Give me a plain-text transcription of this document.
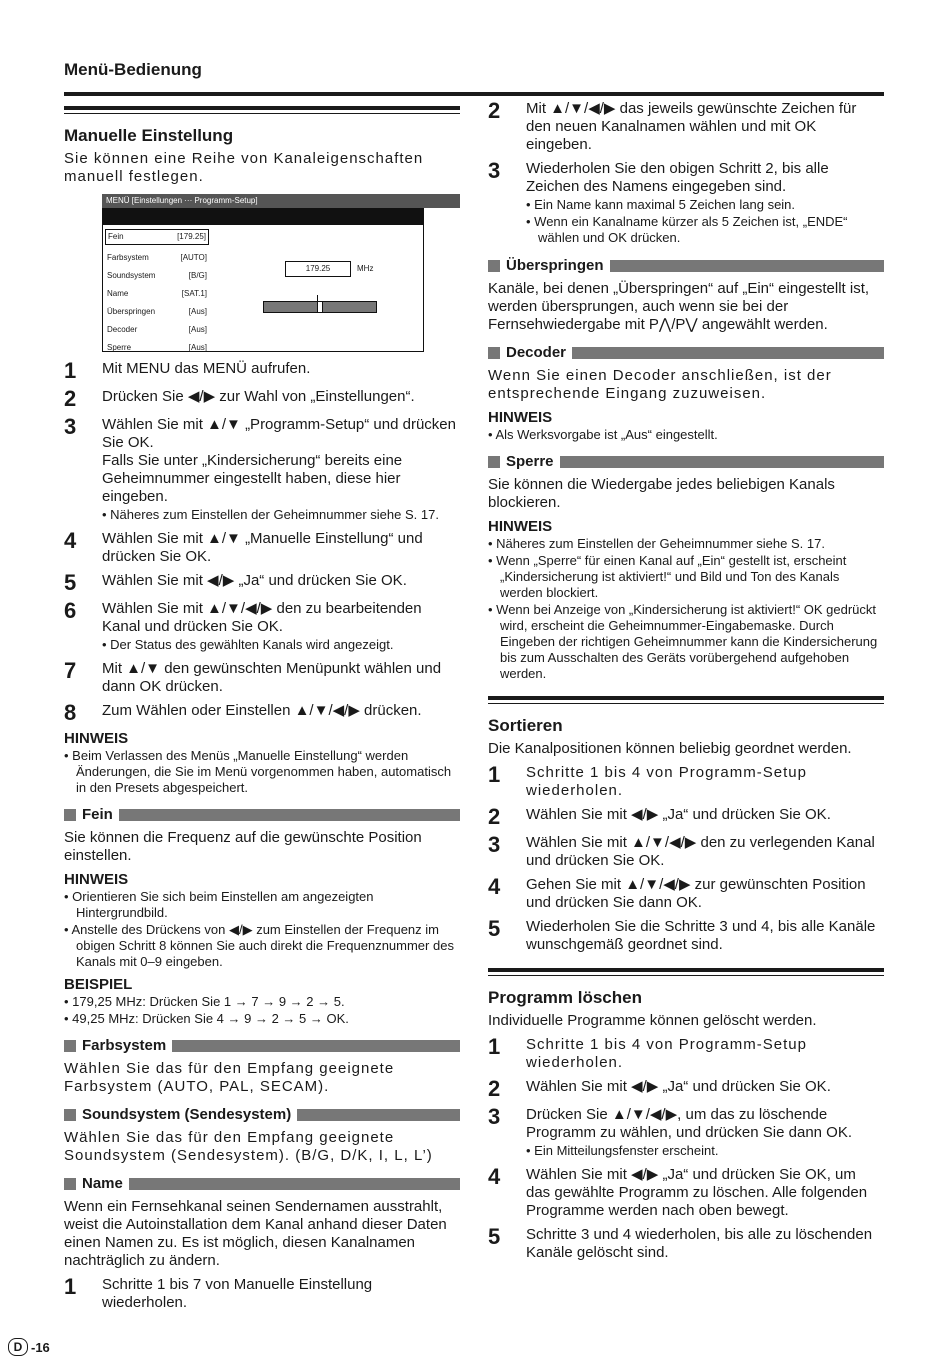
Menü-Bedienung
Manuelle Einstellung

Sie können eine Reihe von Kanaleigenschaften manuell festlegen.

MENÜ [Einstellungen ··· Programm-Setup]
Fein	[179.25]
Farbsystem	[AUTO]
Soundsystem	[B/G]
Name	[SAT.1]
Überspringen	[Aus]
Decoder	[Aus]
Sperre	[Aus]
179.25	MHz
1	Mit MENU das MENÜ aufrufen.
2	Drücken Sie ◀/▶ zur Wahl von „Einstellungen“.
3	Wählen Sie mit ▲/▼ „Programm-Setup“ und drücken Sie OK.
Falls Sie unter „Kindersicherung“ bereits eine Geheimnummer eingestellt haben, diese hier eingeben.
• Näheres zum Einstellen der Geheimnummer siehe S. 17.
4	Wählen Sie mit ▲/▼ „Manuelle Einstellung“ und drücken Sie OK.
5	Wählen Sie mit ◀/▶ „Ja“ und drücken Sie OK.
6	Wählen Sie mit ▲/▼/◀/▶ den zu bearbeitenden Kanal und drücken Sie OK.
• Der Status des gewählten Kanals wird angezeigt.
7	Mit ▲/▼ den gewünschten Menüpunkt wählen und dann OK drücken.
8	Zum Wählen oder Einstellen ▲/▼/◀/▶ drücken.
HINWEIS
• Beim Verlassen des Menüs „Manuelle Einstellung“ werden Änderungen, die Sie im Menü vorgenommen haben, automatisch in den Presets abgespeichert.
Fein

Sie können die Frequenz auf die gewünschte Position einstellen.

HINWEIS
• Orientieren Sie sich beim Einstellen am angezeigten Hintergrundbild.
• Anstelle des Drückens von ◀/▶ zum Einstellen der Frequenz im obigen Schritt 8 können Sie auch direkt die Frequenznummer des Kanals mit 0–9 eingeben.
BEISPIEL
• 179,25 MHz: Drücken Sie 1 → 7 → 9 → 2 → 5.
• 49,25 MHz: Drücken Sie 4 → 9 → 2 → 5 → OK.
Farbsystem

Wählen Sie das für den Empfang geeignete Farbsystem (AUTO, PAL, SECAM).

Soundsystem (Sendesystem)

Wählen Sie das für den Empfang geeignete Soundsystem (Sendesystem). (B/G, D/K, I, L, L’)

Name

Wenn ein Fernsehkanal seinen Sendernamen ausstrahlt, weist die Autoinstallation dem Kanal anhand dieser Daten einen Namen zu. Es ist möglich, diesen Kanalnamen nachträglich zu ändern.

1	Schritte 1 bis 7 von Manuelle Einstellung wiederholen.
2	Mit ▲/▼/◀/▶ das jeweils gewünschte Zeichen für den neuen Kanalnamen wählen und mit OK eingeben.
3	Wiederholen Sie den obigen Schritt 2, bis alle Zeichen des Namens eingegeben sind.
• Ein Name kann maximal 5 Zeichen lang sein.
• Wenn ein Kanalname kürzer als 5 Zeichen ist, „ENDE“ wählen und OK drücken.
Überspringen

Kanäle, bei denen „Überspringen“ auf „Ein“ eingestellt ist, werden übersprungen, auch wenn sie bei der Fernsehwiedergabe mit P⋀/P⋁ angewählt werden.

Decoder

Wenn Sie einen Decoder anschließen, ist der entsprechende Eingang zuzuweisen.

HINWEIS
• Als Werksvorgabe ist „Aus“ eingestellt.
Sperre

Sie können die Wiedergabe jedes beliebigen Kanals blockieren.

HINWEIS
• Näheres zum Einstellen der Geheimnummer siehe S. 17.
• Wenn „Sperre“ für einen Kanal auf „Ein“ gestellt ist, erscheint „Kindersicherung ist aktiviert!“ und Bild und Ton des Kanals werden blockiert.
• Wenn bei Anzeige von „Kindersicherung ist aktiviert!“ OK gedrückt wird, erscheint die Geheimnummer-Eingabemaske. Durch Eingeben der richtigen Geheimnummer kann die Kindersicherung bis zum Ausschalten des Geräts vorübergehend aufgehoben werden.
Sortieren

Die Kanalpositionen können beliebig geordnet werden.

1	Schritte 1 bis 4 von Programm-Setup wiederholen.
2	Wählen Sie mit ◀/▶ „Ja“ und drücken Sie OK.
3	Wählen Sie mit ▲/▼/◀/▶ den zu verlegenden Kanal und drücken Sie OK.
4	Gehen Sie mit ▲/▼/◀/▶ zur gewünschten Position und drücken Sie dann OK.
5	Wiederholen Sie die Schritte 3 und 4, bis alle Kanäle wunschgemäß geordnet sind.
Programm löschen

Individuelle Programme können gelöscht werden.

1	Schritte 1 bis 4 von Programm-Setup wiederholen.
2	Wählen Sie mit ◀/▶ „Ja“ und drücken Sie OK.
3	Drücken Sie ▲/▼/◀/▶, um das zu löschende Programm zu wählen, und drücken Sie dann OK.
• Ein Mitteilungsfenster erscheint.
4	Wählen Sie mit ◀/▶ „Ja“ und drücken Sie OK, um das gewählte Programm zu löschen. Alle folgenden Programme werden nach oben bewegt.
5	Schritte 3 und 4 wiederholen, bis alle zu löschenden Kanäle gelöscht sind.
D -16
